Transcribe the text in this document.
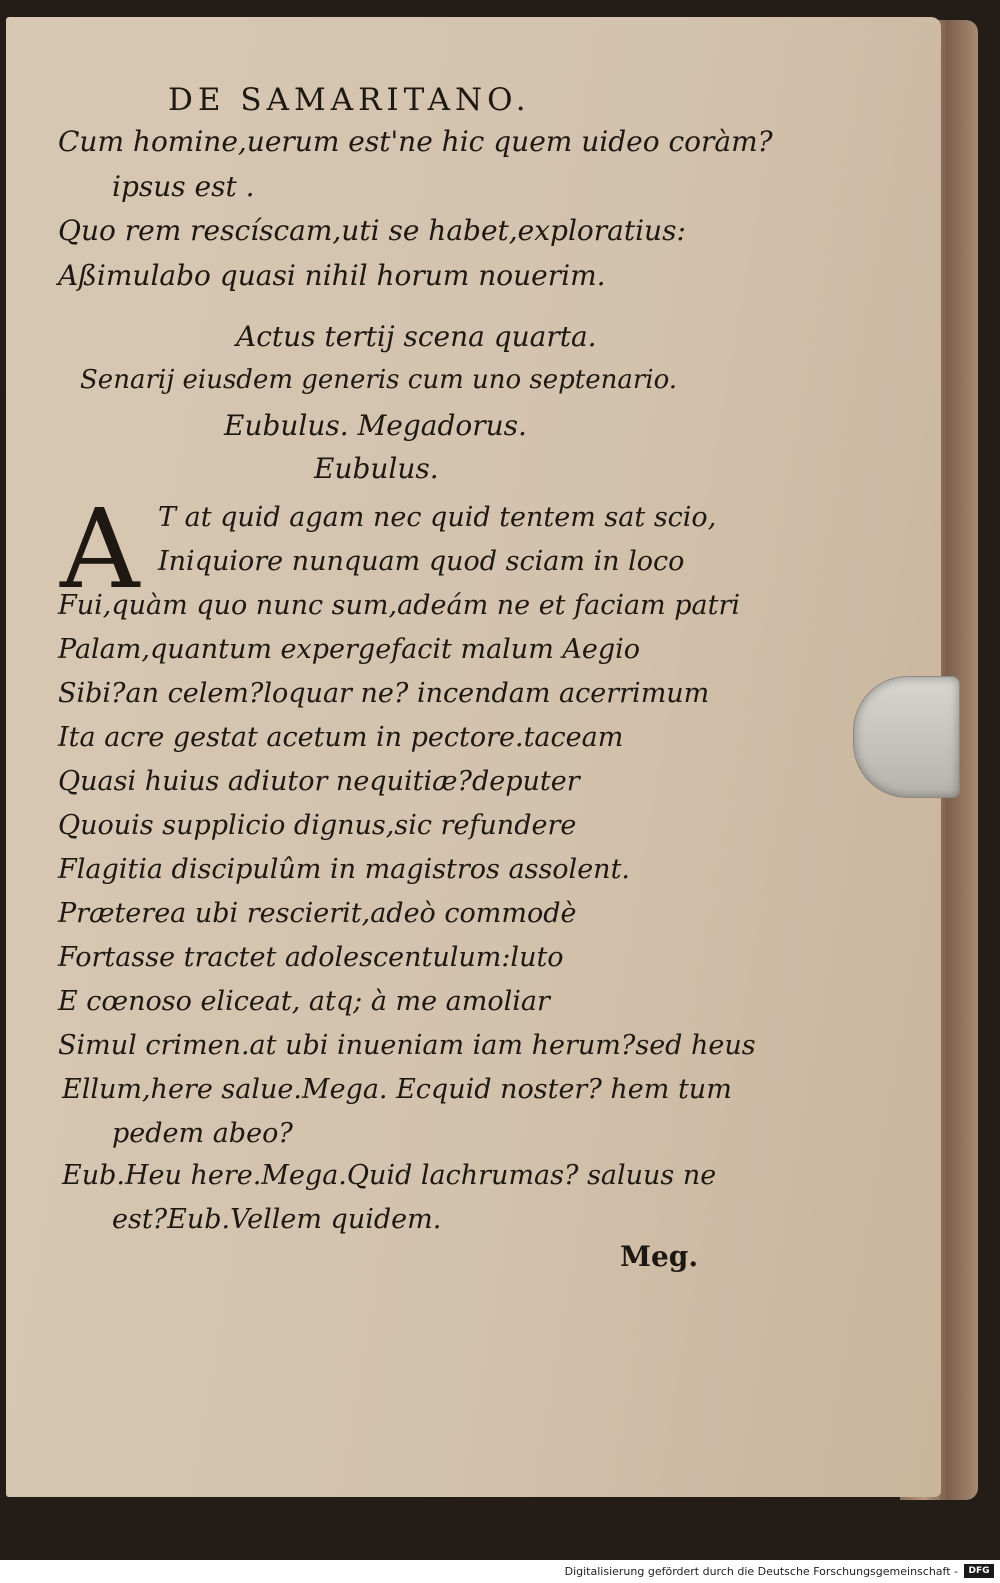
DE SAMARITANO.
Cum homine,uerum est'ne hic quem uideo coràm?
ipsus est .
Quo rem rescíscam,uti se habet,exploratius:
Aßimulabo quasi nihil horum nouerim.
Actus tertij scena quarta.
Senarij eiusdem generis cum uno septenario.
Eubulus. Megadorus.
Eubulus.
A T at quid agam nec quid tentem sat scio,
Iniquiore nunquam quod sciam in loco
Fui,quàm quo nunc sum,adeám ne et faciam patri
Palam,quantum expergefacit malum Aegio
Sibi?an celem?loquar ne? incendam acerrimum
Ita acre gestat acetum in pectore.taceam
Quasi huius adiutor nequitiæ?deputer
Quouis supplicio dignus,sic refundere
Flagitia discipulûm in magistros assolent.
Præterea ubi rescierit,adeò commodè
Fortasse tractet adolescentulum:luto
E cœnoso eliceat, atq; à me amoliar
Simul crimen.at ubi inueniam iam herum?sed heus
Ellum,here salue.Mega. Ecquid noster? hem tum
pedem abeo?
Eub.Heu here.Mega.Quid lachrumas? saluus ne
est?Eub.Vellem quidem.
Meg.
Digitalisierung gefördert durch die Deutsche Forschungsgemeinschaft -	DFG
